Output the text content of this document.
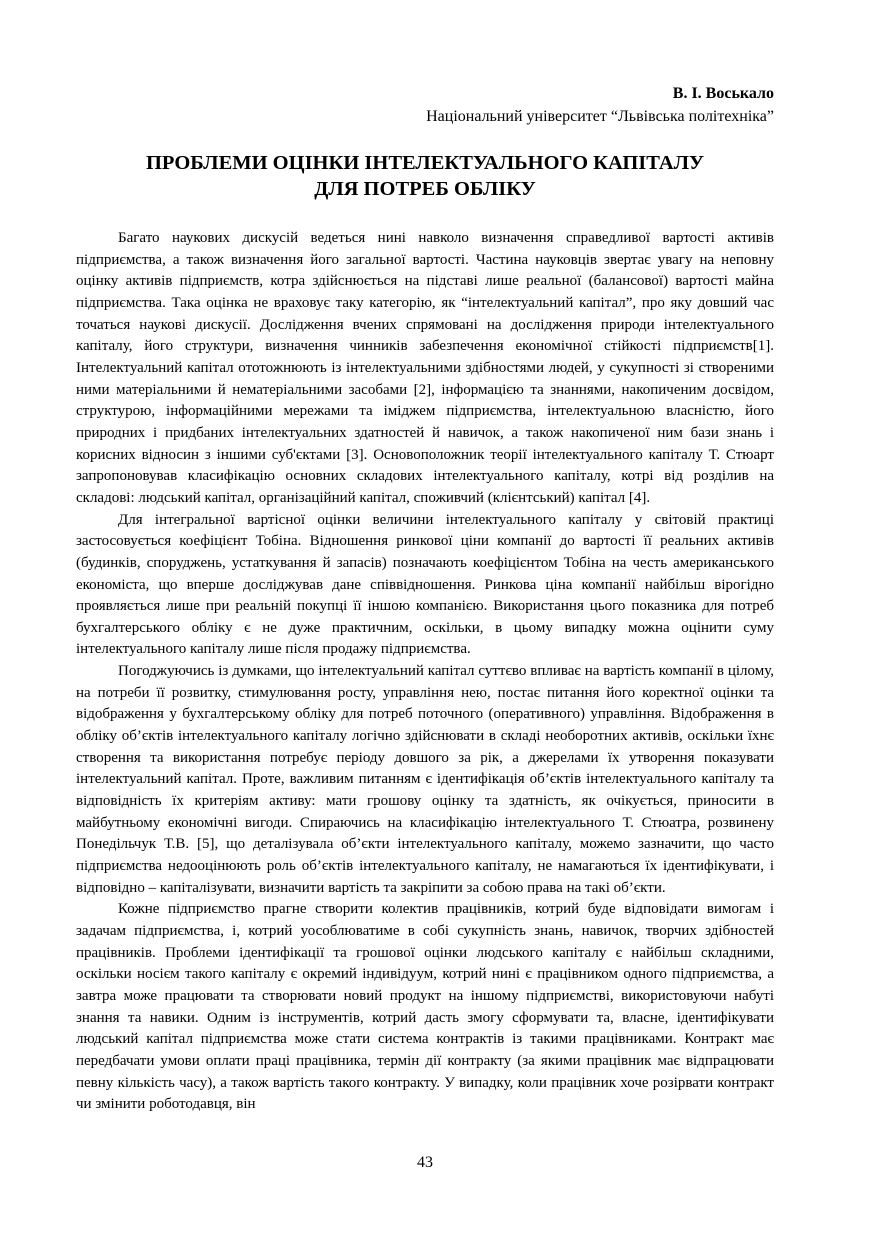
В. І. Воськало
Національний університет “Львівська політехніка”
ПРОБЛЕМИ ОЦІНКИ ІНТЕЛЕКТУАЛЬНОГО КАПІТАЛУ
ДЛЯ ПОТРЕБ ОБЛІКУ

Багато наукових дискусій ведеться нині навколо визначення справедливої вартості активів підприємства, а також визначення його загальної вартості. Частина науковців звертає увагу на неповну оцінку активів підприємств, котра здійснюється на підставі лише реальної (балансової) вартості майна підприємства. Така оцінка не враховує таку категорію, як “інтелектуальний капітал”, про яку довший час точаться наукові дискусії. Дослідження вчених спрямовані на дослідження природи інтелектуального капіталу, його структури, визначення чинників забезпечення економічної стійкості підприємств[1]. Інтелектуальний капітал ототожнюють із інтелектуальними здібностями людей, у сукупності зі створеними ними матеріальними й нематеріальними засобами [2], інформацією та знаннями, накопиченим досвідом, структурою, інформаційними мережами та іміджем підприємства, інтелектуальною власністю, його природних і придбаних інтелектуальних здатностей й навичок, а також накопиченої ним бази знань і корисних відносин з іншими суб'єктами [3]. Основоположник теорії інтелектуального капіталу Т. Стюарт запропоновував класифікацію основних складових інтелектуального капіталу, котрі від розділив на складові: людський капітал, організаційний капітал, споживчий (клієнтський) капітал [4].

Для інтегральної вартісної оцінки величини інтелектуального капіталу у світовій практиці застосовується коефіцієнт Тобіна. Відношення ринкової ціни компанії до вартості її реальних активів (будинків, споруджень, устаткування й запасів) позначають коефіцієнтом Тобіна на честь американського економіста, що вперше досліджував дане співвідношення. Ринкова ціна компанії найбільш вірогідно проявляється лише при реальній покупці її іншою компанією. Використання цього показника для потреб бухгалтерського обліку є не дуже практичним, оскільки, в цьому випадку можна оцінити суму інтелектуального капіталу лише після продажу підприємства.

Погоджуючись із думками, що інтелектуальний капітал суттєво впливає на вартість компанії в цілому, на потреби її розвитку, стимулювання росту, управління нею, постає питання його коректної оцінки та відображення у бухгалтерському обліку для потреб поточного (оперативного) управління. Відображення в обліку об’єктів інтелектуального капіталу логічно здійснювати в складі необоротних активів, оскільки їхнє створення та використання потребує періоду довшого за рік, а джерелами їх утворення показувати інтелектуальний капітал. Проте, важливим питанням є ідентифікація об’єктів інтелектуального капіталу та відповідність їх критеріям активу: мати грошову оцінку та здатність, як очікується, приносити в майбутньому економічні вигоди. Спираючись на класифікацію інтелектуального Т. Стюатра, розвинену Понедільчук Т.В. [5], що деталізувала об’єкти інтелектуального капіталу, можемо зазначити, що часто підприємства недооцінюють роль об’єктів інтелектуального капіталу, не намагаються їх ідентифікувати, і відповідно – капіталізувати, визначити вартість та закріпити за собою права на такі об’єкти.

Кожне підприємство прагне створити колектив працівників, котрий буде відповідати вимогам і задачам підприємства, і, котрий уособлюватиме в собі сукупність знань, навичок, творчих здібностей працівників. Проблеми ідентифікації та грошової оцінки людського капіталу є найбільш складними, оскільки носієм такого капіталу є окремий індивідуум, котрий нині є працівником одного підприємства, а завтра може працювати та створювати новий продукт на іншому підприємстві, використовуючи набуті знання та навики. Одним із інструментів, котрий дасть змогу сформувати та, власне, ідентифікувати людський капітал підприємства може стати система контрактів із такими працівниками. Контракт має передбачати умови оплати праці працівника, термін дії контракту (за якими працівник має відпрацювати певну кількість часу), а також вартість такого контракту. У випадку, коли працівник хоче розірвати контракт чи змінити роботодавця, він

43
